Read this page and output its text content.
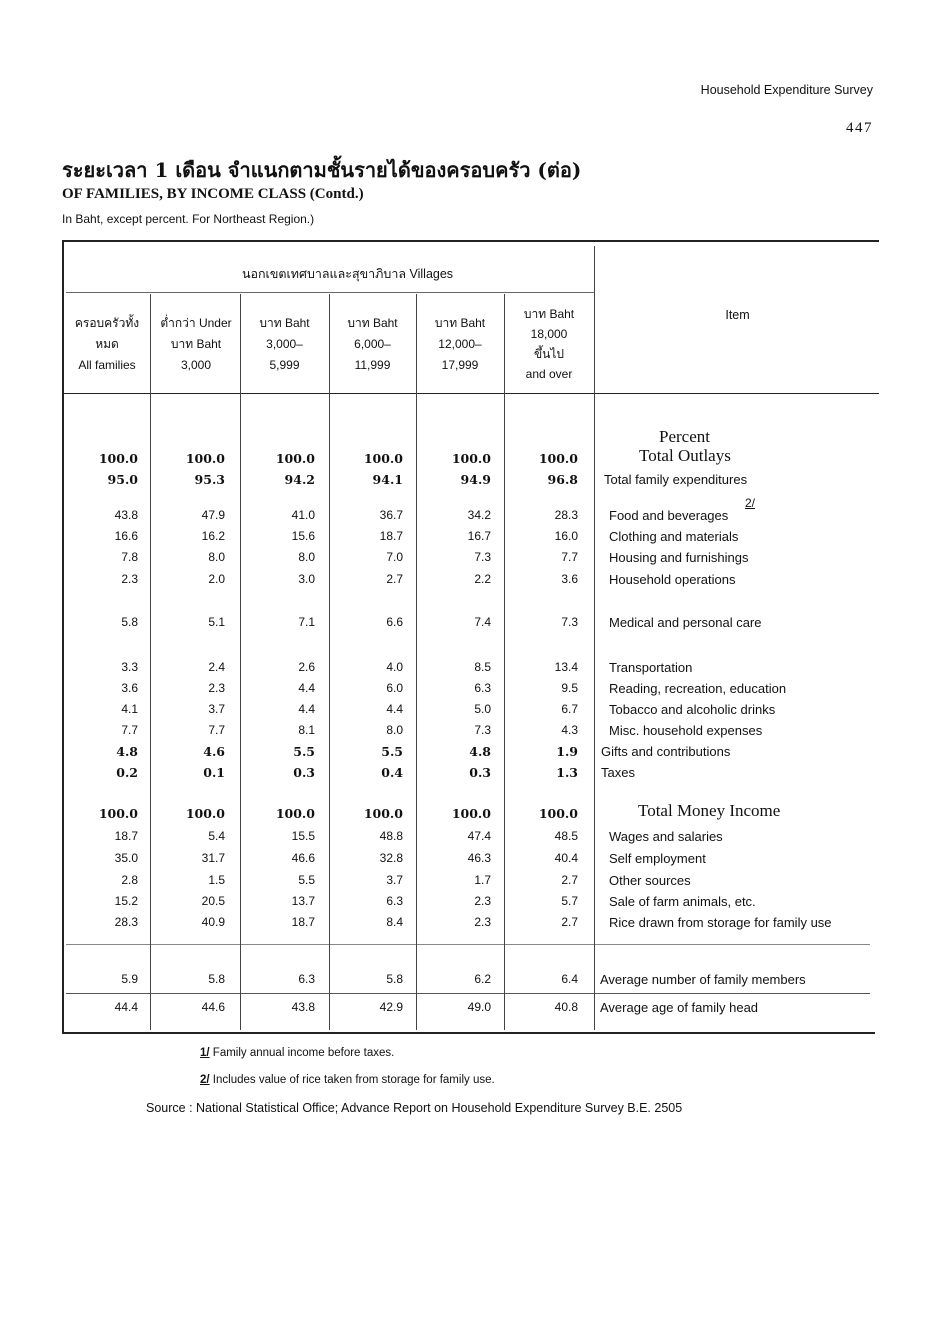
Household Expenditure Survey
447
ระยะเวลา 1 เดือน จำแนกตามชั้นรายได้ของครอบครัว (ต่อ)
OF FAMILIES, BY INCOME CLASS (Contd.)
In Baht, except percent. For Northeast Region.)
นอกเขตเทศบาลและสุขาภิบาล Villages
ครอบครัวทั้ง
หมด
All families
ต่ำกว่า Under
บาท Baht
3,000
บาท Baht
3,000–
5,999
บาท Baht
6,000–
11,999
บาท Baht
12,000–
17,999
บาท Baht
18,000
ขึ้นไป
and over
Item
Percent
100.0	100.0	100.0	100.0	100.0	100.0	Total Outlays
95.0	95.3	94.2	94.1	94.9	96.8 Total family expenditures
43.8	47.9	41.0	36.7	34.2	28.3 Food and beverages
2/
16.6	16.2	15.6	18.7	16.7	16.0 Clothing and materials
7.8	8.0	8.0	7.0	7.3	7.7 Housing and furnishings
2.3	2.0	3.0	2.7	2.2	3.6 Household operations
5.8	5.1	7.1	6.6	7.4	7.3 Medical and personal care
3.3	2.4	2.6	4.0	8.5	13.4 Transportation
3.6	2.3	4.4	6.0	6.3	9.5 Reading, recreation, education
4.1	3.7	4.4	4.4	5.0	6.7 Tobacco and alcoholic drinks
7.7	7.7	8.1	8.0	7.3	4.3 Misc. household expenses
4.8	4.6	5.5	5.5	4.8	1.9 Gifts and contributions
0.2	0.1	0.3	0.4	0.3	1.3 Taxes
100.0	100.0	100.0	100.0	100.0	100.0	Total Money Income
18.7	5.4	15.5	48.8	47.4	48.5 Wages and salaries
35.0	31.7	46.6	32.8	46.3	40.4 Self employment
2.8	1.5	5.5	3.7	1.7	2.7 Other sources
15.2	20.5	13.7	6.3	2.3	5.7 Sale of farm animals, etc.
28.3	40.9	18.7	8.4	2.3	2.7 Rice drawn from storage for family use
5.9	5.8	6.3	5.8	6.2	6.4 Average number of family members
44.4	44.6	43.8	42.9	49.0	40.8 Average age of family head
1/ Family annual income before taxes.
2/ Includes value of rice taken from storage for family use.
Source : National Statistical Office; Advance Report on Household Expenditure Survey B.E. 2505
